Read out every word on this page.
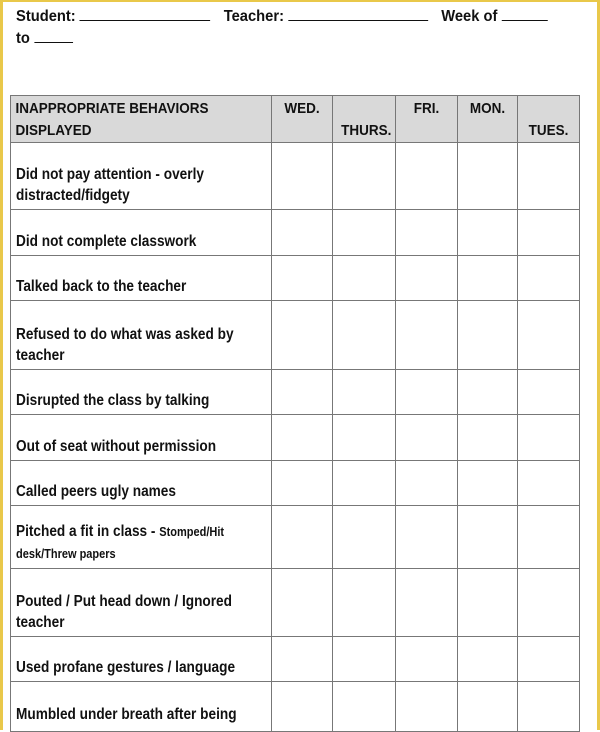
Student:	Teacher:	Week of
to
INAPPROPRIATE BEHAVIORS DISPLAYED	WED.	THURS.	FRI.	MON.	TUES.

Did not pay attention - overly distracted/fidgety					

Did not complete classwork					

Talked back to the teacher					

Refused to do what was asked by teacher					

Disrupted the class by talking					

Out of seat without permission					

Called peers ugly names					

Pitched a fit in class - Stomped/Hit desk/Threw papers					

Pouted / Put head down / Ignored teacher					

Used profane gestures / language					

Mumbled under breath after being					
